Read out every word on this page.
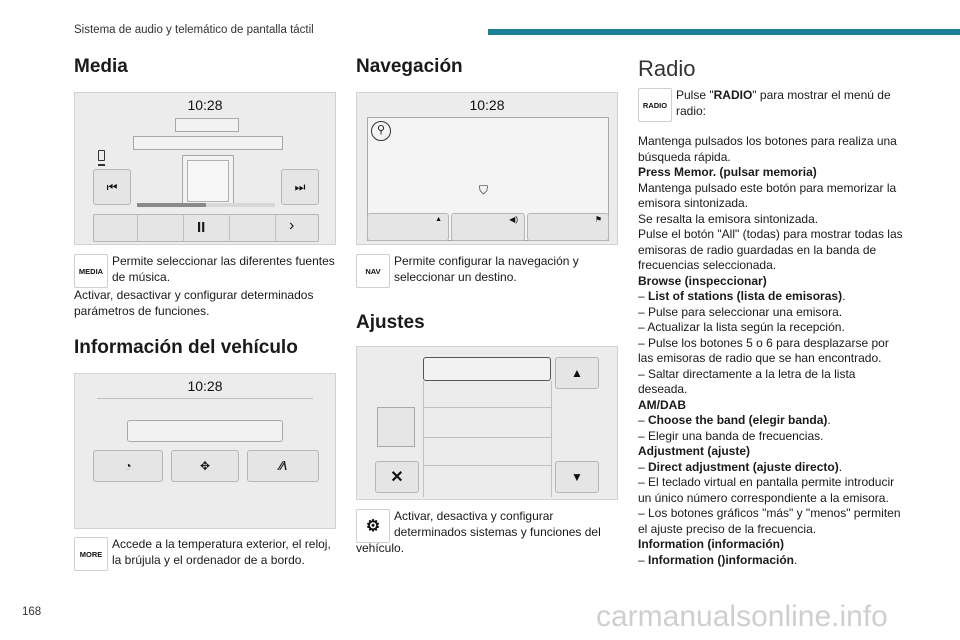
Sistema de audio y telemático de pantalla táctil
Media
10:28
⏮	⏭
II	›
MEDIA
Permite seleccionar las diferentes fuentes de música.
Activar, desactivar y configurar determinados parámetros de funciones.
Información del vehículo
10:28
◔	✥	⁄∕\
MORE
Accede a la temperatura exterior, el reloj, la brújula y el ordenador de a bordo.
Navegación
10:28
⚲
⛉
▲	◀)	⚑
NAV
Permite configurar la navegación y seleccionar un destino.
Ajustes
▲
▼
✕
⚙
Activar, desactiva y configurar determinados sistemas y funciones del
vehículo.
Radio
RADIO
Pulse "RADIO" para mostrar el menú de radio:
Mantenga pulsados los botones para realiza una búsqueda rápida.
Press Memor. (pulsar memoria)
Mantenga pulsado este botón para memorizar la emisora sintonizada.
Se resalta la emisora sintonizada.
Pulse el botón "All" (todas) para mostrar todas las emisoras de radio guardadas en la banda de frecuencias seleccionada.
Browse (inspeccionar)
– List of stations (lista de emisoras).
– Pulse para seleccionar una emisora.
– Actualizar la lista según la recepción.
– Pulse los botones 5 o 6 para desplazarse por las emisoras de radio que se han encontrado.
– Saltar directamente a la letra de la lista deseada.
AM/DAB
– Choose the band (elegir banda).
– Elegir una banda de frecuencias.
Adjustment (ajuste)
– Direct adjustment (ajuste directo).
– El teclado virtual en pantalla permite introducir un único número correspondiente a la emisora.
– Los botones gráficos "más" y "menos" permiten el ajuste preciso de la frecuencia.
Information (información)
– Information ()información.
168	carmanualsonline.info
